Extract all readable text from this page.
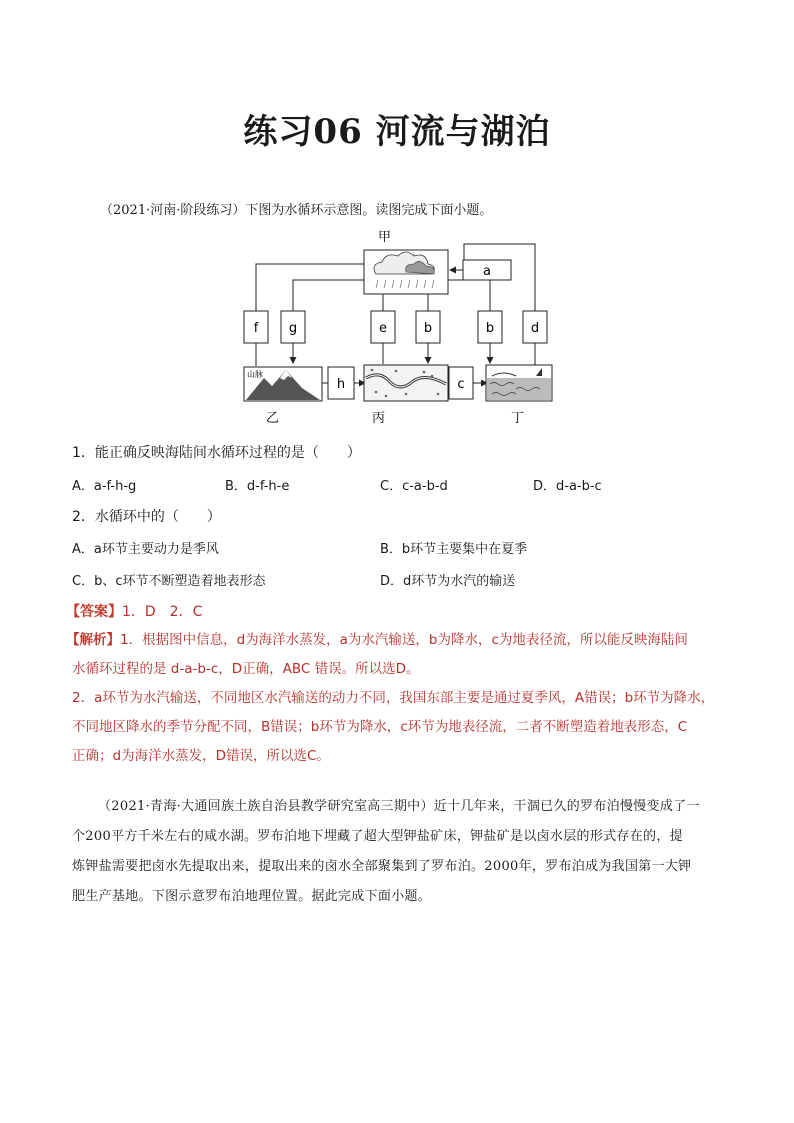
练习06 河流与湖泊
（2021·河南·阶段练习）下图为水循环示意图。读图完成下面小题。
甲
a
f g	e	b	b	d
h	c
山脉
乙	丙	丁
1．能正确反映海陆间水循环过程的是（　　）
A．a-f-h-g	B．d-f-h-e	C．c-a-b-d	D．d-a-b-c
2．水循环中的（　　）
A．a环节主要动力是季风	B．b环节主要集中在夏季
C．b、c环节不断塑造着地表形态	D．d环节为水汽的输送
【答案】1．D　2．C
【解析】1．根据图中信息，d为海洋水蒸发，a为水汽输送，b为降水，c为地表径流，所以能反映海陆间
水循环过程的是 d-a-b-c，D正确，ABC 错误。所以选D。
2．a环节为水汽输送，不同地区水汽输送的动力不同，我国东部主要是通过夏季风，A错误；b环节为降水，
不同地区降水的季节分配不同，B错误；b环节为降水，c环节为地表径流，二者不断塑造着地表形态，C
正确；d为海洋水蒸发，D错误，所以选C。
（2021·青海·大通回族土族自治县教学研究室高三期中）近十几年来，干涸已久的罗布泊慢慢变成了一
个200平方千米左右的咸水湖。罗布泊地下埋藏了超大型钾盐矿床，钾盐矿是以卤水层的形式存在的，提
炼钾盐需要把卤水先提取出来，提取出来的卤水全部聚集到了罗布泊。2000年，罗布泊成为我国第一大钾
肥生产基地。下图示意罗布泊地理位置。据此完成下面小题。
